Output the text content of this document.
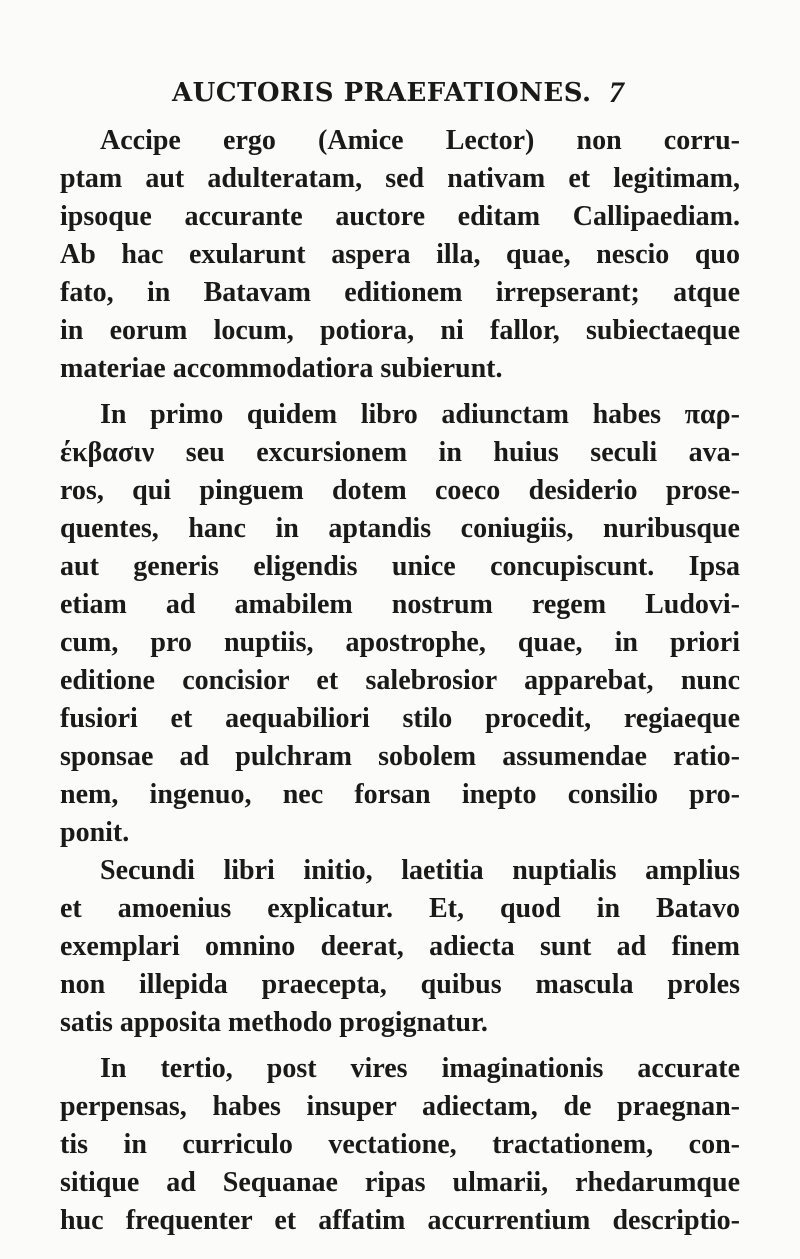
AUCTORIS PRAEFATIONES. 7
Accipe ergo (Amice Lector) non corru-
ptam aut adulteratam, sed nativam et legitimam,
ipsoque accurante auctore editam Callipaediam.
Ab hac exularunt aspera illa, quae, nescio quo
fato, in Batavam editionem irrepserant; atque
in eorum locum, potiora, ni fallor, subiectaeque
materiae accommodatiora subierunt.
In primo quidem libro adiunctam habes παρ-
έκβασιν seu excursionem in huius seculi ava-
ros, qui pinguem dotem coeco desiderio prose-
quentes, hanc in aptandis coniugiis, nuribusque
aut generis eligendis unice concupiscunt. Ipsa
etiam ad amabilem nostrum regem Ludovi-
cum, pro nuptiis, apostrophe, quae, in priori
editione concisior et salebrosior apparebat, nunc
fusiori et aequabiliori stilo procedit, regiaeque
sponsae ad pulchram sobolem assumendae ratio-
nem, ingenuo, nec forsan inepto consilio pro-
ponit.
Secundi libri initio, laetitia nuptialis amplius
et amoenius explicatur. Et, quod in Batavo
exemplari omnino deerat, adiecta sunt ad finem
non illepida praecepta, quibus mascula proles
satis apposita methodo progignatur.
In tertio, post vires imaginationis accurate
perpensas, habes insuper adiectam, de praegnan-
tis in curriculo vectatione, tractationem, con-
sitique ad Sequanae ripas ulmarii, rhedarumque
huc frequenter et affatim accurrentium descriptio-
